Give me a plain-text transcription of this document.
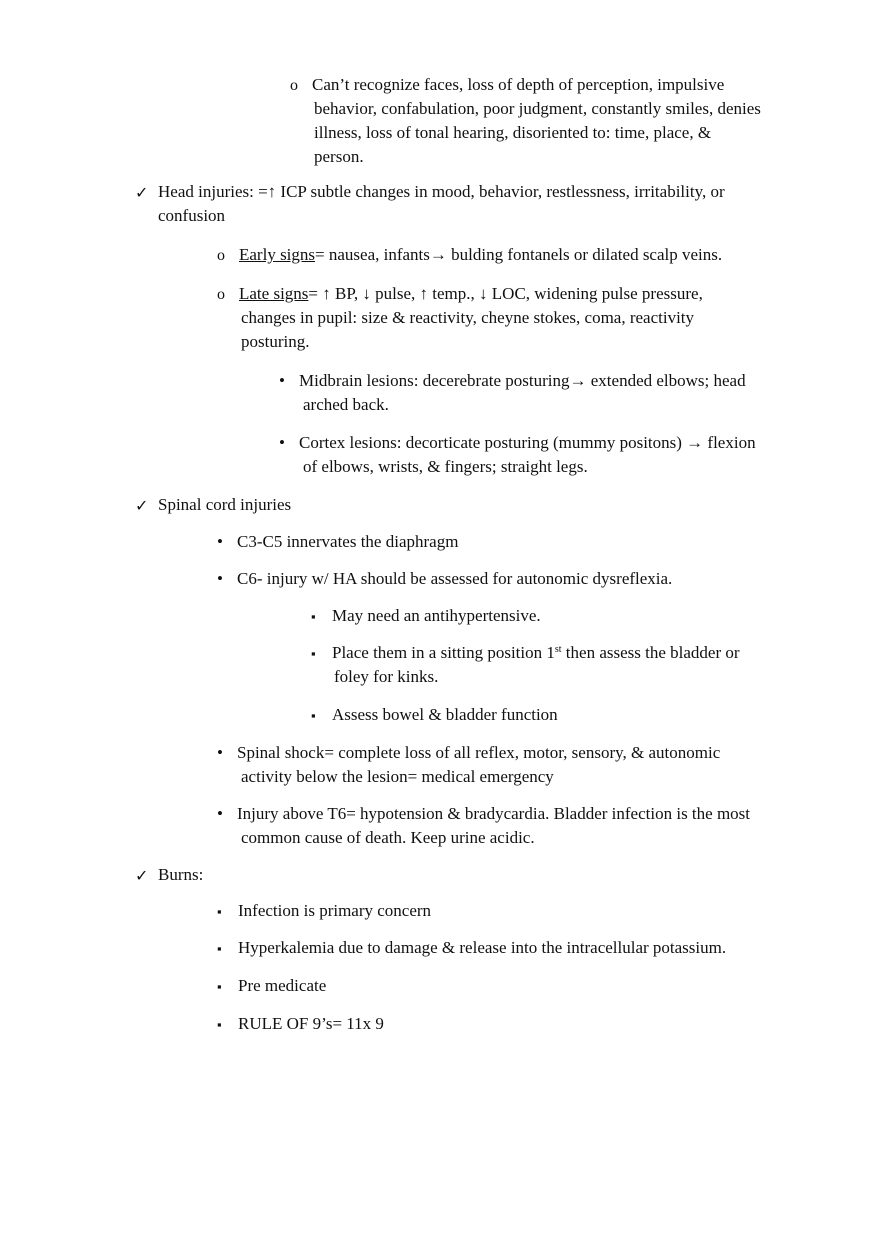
o Can’t recognize faces, loss of depth of perception, impulsive
behavior, confabulation, poor judgment, constantly smiles, denies
illness, loss of tonal hearing, disoriented to: time, place, &
person.
✓ Head injuries: =↑ ICP subtle changes in mood, behavior, restlessness, irritability, or
confusion
o Early signs= nausea, infants→ bulding fontanels or dilated scalp veins.
o Late signs= ↑ BP, ↓ pulse, ↑ temp., ↓ LOC, widening pulse pressure,
changes in pupil: size & reactivity, cheyne stokes, coma, reactivity
posturing.
• Midbrain lesions: decerebrate posturing→ extended elbows; head
arched back.
• Cortex lesions: decorticate posturing (mummy positons) → flexion
of elbows, wrists, & fingers; straight legs.
✓ Spinal cord injuries
• C3-C5 innervates the diaphragm
• C6- injury w/ HA should be assessed for autonomic dysreflexia.
▪ May need an antihypertensive.
▪ Place them in a sitting position 1st then assess the bladder or
foley for kinks.
▪ Assess bowel & bladder function
• Spinal shock= complete loss of all reflex, motor, sensory, & autonomic
activity below the lesion= medical emergency
• Injury above T6= hypotension & bradycardia. Bladder infection is the most
common cause of death. Keep urine acidic.
✓ Burns:
▪ Infection is primary concern
▪ Hyperkalemia due to damage & release into the intracellular potassium.
▪ Pre medicate
▪ RULE OF 9’s= 11x 9
